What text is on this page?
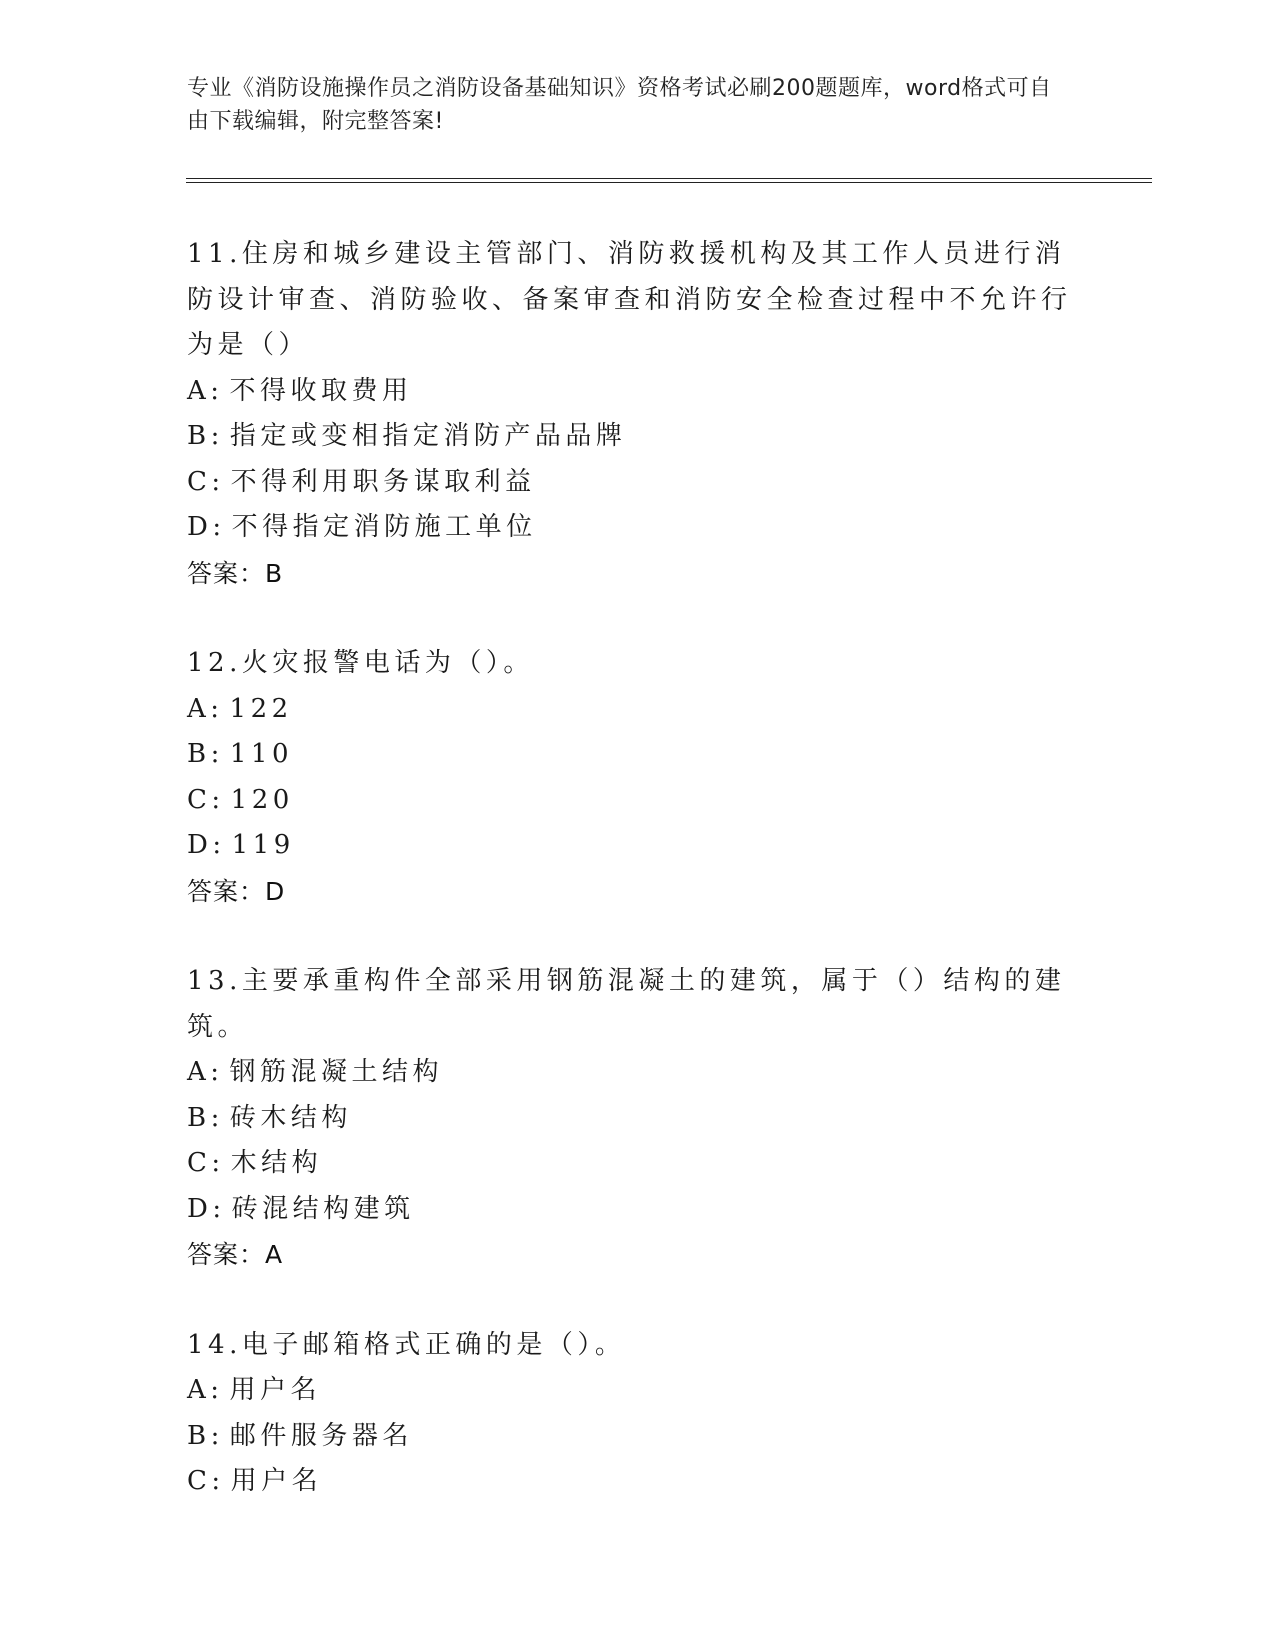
专业《消防设施操作员之消防设备基础知识》资格考试必刷200题题库，word格式可自由下载编辑，附完整答案!
11.住房和城乡建设主管部门、消防救援机构及其工作人员进行消防设计审查、消防验收、备案审查和消防安全检查过程中不允许行为是（）
A: 不得收取费用
B: 指定或变相指定消防产品品牌
C: 不得利用职务谋取利益
D: 不得指定消防施工单位
答案：B
12.火灾报警电话为（）。
A: 122
B: 110
C: 120
D: 119
答案：D
13.主要承重构件全部采用钢筋混凝土的建筑，属于（）结构的建筑。
A: 钢筋混凝土结构
B: 砖木结构
C: 木结构
D: 砖混结构建筑
答案：A
14.电子邮箱格式正确的是（）。
A: 用户名
B: 邮件服务器名
C: 用户名
